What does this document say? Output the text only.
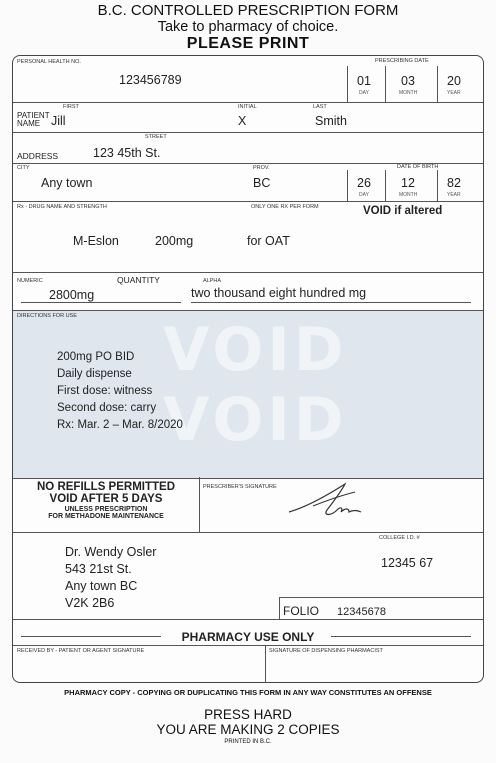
B.C. CONTROLLED PRESCRIPTION FORM
Take to pharmacy of choice.
PLEASE PRINT
PERSONAL HEALTH NO.
123456789
PRESCRIBING DATE
01 03	20
DAY	MONTH	YEAR
FIRST	INITIAL	LAST
PATIENT NAME Jill	X	Smith
STREET
ADDRESS	123 45th St.
CITY
Any town
PROV.
BC
DATE OF BIRTH
26 12	82
DAY	MONTH	YEAR
Rx - DRUG NAME AND STRENGTH	ONLY ONE RX PER FORM	VOID if altered
M-Eslon	200mg	for OAT
NUMERIC	QUANTITY	ALPHA
2800mg	two thousand eight hundred mg
VOID VOID
DIRECTIONS FOR USE
200mg PO BID
Daily dispense
First dose: witness
Second dose: carry
Rx: Mar. 2 – Mar. 8/2020
NO REFILLS PERMITTED
VOID AFTER 5 DAYS
UNLESS PRESCRIPTION
FOR METHADONE MAINTENANCE
PRESCRIBER'S SIGNATURE
COLLEGE I.D. #
12345 67
Dr. Wendy Osler
543 21st St.
Any town BC
V2K 2B6
FOLIO 12345678
PHARMACY USE ONLY
RECEIVED BY - PATIENT OR AGENT SIGNATURE	SIGNATURE OF DISPENSING PHARMACIST
PHARMACY COPY - COPYING OR DUPLICATING THIS FORM IN ANY WAY CONSTITUTES AN OFFENSE
PRESS HARD
YOU ARE MAKING 2 COPIES
PRINTED IN B.C.
